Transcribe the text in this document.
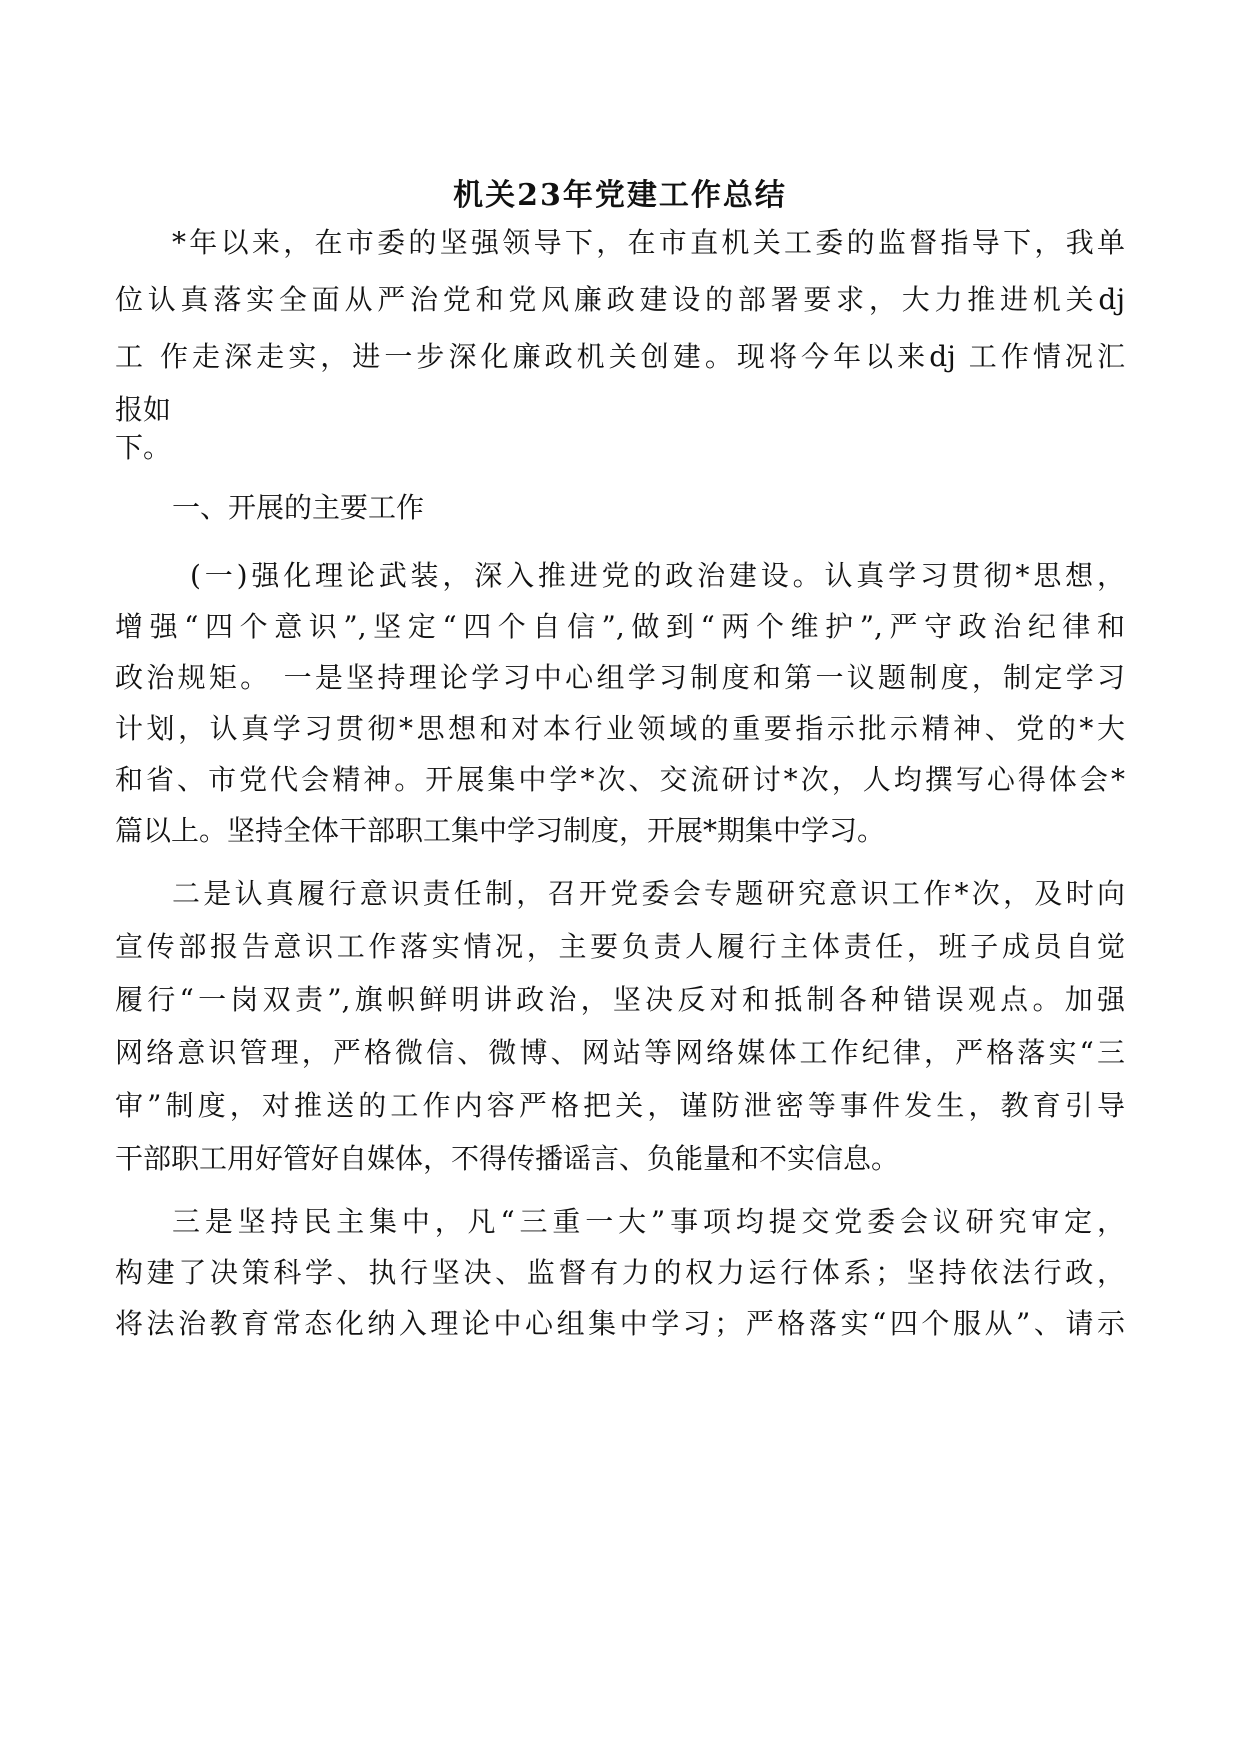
机关23年党建工作总结
*年以来，在市委的坚强领导下，在市直机关工委的监督指导下，我单
位认真落实全面从严治党和党风廉政建设的部署要求，大力推进机关dj
工 作走深走实，进一步深化廉政机关创建。现将今年以来dj 工作情况汇
报如
下。
一、开展的主要工作
(一)强化理论武装，深入推进党的政治建设。认真学习贯彻*思想，
增强“四个意识”,坚定“四个自信”,做到“两个维护”,严守政治纪律和
政治规矩。 一是坚持理论学习中心组学习制度和第一议题制度，制定学习
计划，认真学习贯彻*思想和对本行业领域的重要指示批示精神、党的*大
和省、市党代会精神。开展集中学*次、交流研讨*次，人均撰写心得体会*
篇以上。坚持全体干部职工集中学习制度，开展*期集中学习。
二是认真履行意识责任制，召开党委会专题研究意识工作*次，及时向
宣传部报告意识工作落实情况，主要负责人履行主体责任，班子成员自觉
履行“一岗双责”,旗帜鲜明讲政治，坚决反对和抵制各种错误观点。加强
网络意识管理，严格微信、微博、网站等网络媒体工作纪律，严格落实“三
审”制度，对推送的工作内容严格把关，谨防泄密等事件发生，教育引导
干部职工用好管好自媒体，不得传播谣言、负能量和不实信息。
三是坚持民主集中，凡“三重一大”事项均提交党委会议研究审定，
构建了决策科学、执行坚决、监督有力的权力运行体系；坚持依法行政，
将法治教育常态化纳入理论中心组集中学习；严格落实“四个服从”、请示
